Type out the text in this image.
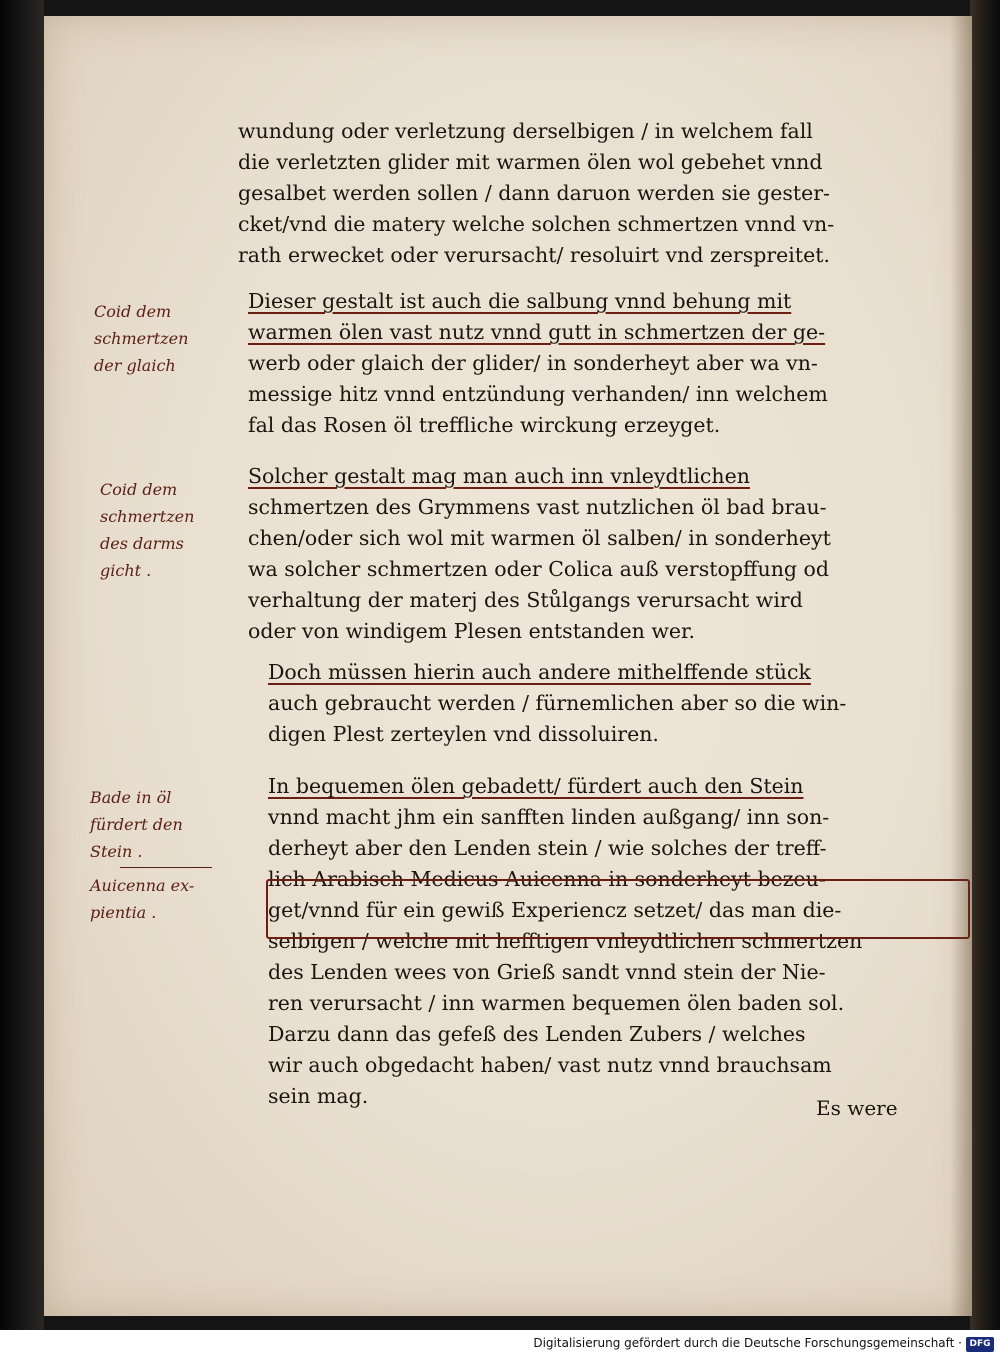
Coid dem
schmertzen
der glaich
Coid dem
schmertzen
des darms
gicht .
Bade in öl
fürdert den
Stein .
Auicenna ex-
pientia .

wundung oder verletzung derselbigen / in welchem fall
die verletzten glider mit warmen ölen wol gebehet vnnd
gesalbet werden sollen / dann daruon werden sie gester-
cket/vnd die matery welche solchen schmertzen vnnd vn-
rath erwecket oder verursacht/ resoluirt vnd zerspreitet.

Dieser gestalt ist auch die salbung vnnd behung mit
warmen ölen vast nutz vnnd gutt in schmertzen der ge-
werb oder glaich der glider/ in sonderheyt aber wa vn-
messige hitz vnnd entzündung verhanden/ inn welchem
fal das Rosen öl treffliche wirckung erzeyget.

Solcher gestalt mag man auch inn vnleydtlichen
schmertzen des Grymmens vast nutzlichen öl bad brau-
chen/oder sich wol mit warmen öl salben/ in sonderheyt
wa solcher schmertzen oder Colica auß verstopffung od
verhaltung der materj des Stůlgangs verursacht wird
oder von windigem Plesen entstanden wer.

Doch müssen hierin auch andere mithelffende stück
auch gebraucht werden / fürnemlichen aber so die win-
digen Plest zerteylen vnd dissoluiren.

In bequemen ölen gebadett/ fürdert auch den Stein
vnnd macht jhm ein sanfften linden außgang/ inn son-
derheyt aber den Lenden stein / wie solches der treff-
lich Arabisch Medicus Auicenna in sonderheyt bezeu-
get/vnnd für ein gewiß Experiencz setzet/ das man die-
selbigen / welche mit hefftigen vnleydtlichen schmertzen
des Lenden wees von Grieß sandt vnnd stein der Nie-
ren verursacht / inn warmen bequemen ölen baden sol.
Darzu dann das gefeß des Lenden Zubers / welches
wir auch obgedacht haben/ vast nutz vnnd brauchsam
sein mag.	Es were
Digitalisierung gefördert durch die Deutsche Forschungsgemeinschaft · DFG
